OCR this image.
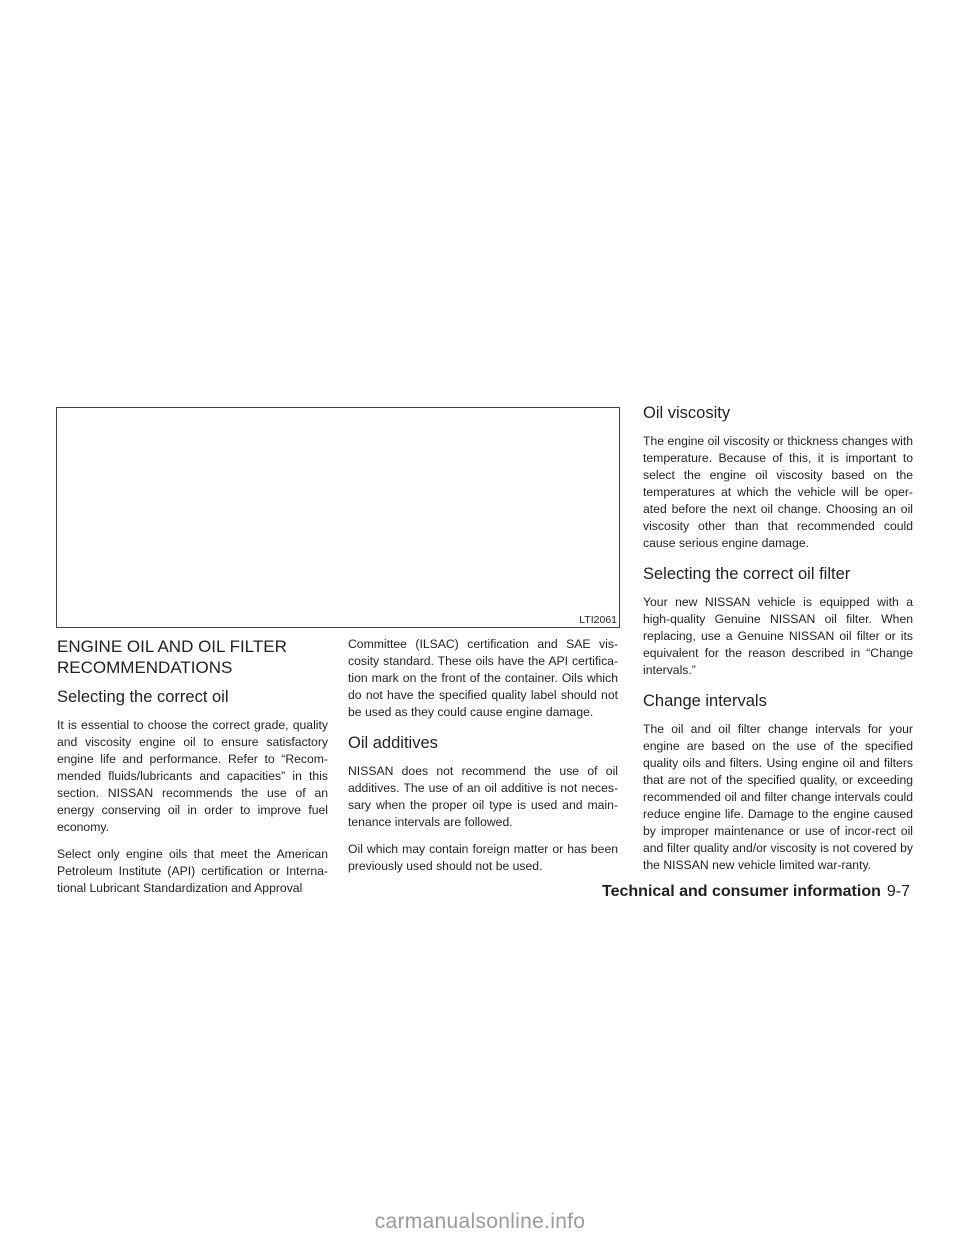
LTI2061
ENGINE OIL AND OIL FILTER RECOMMENDATIONS
Selecting the correct oil

It is essential to choose the correct grade, quality and viscosity engine oil to ensure satisfactory engine life and performance. Refer to “Recom-mended fluids/lubricants and capacities” in this section. NISSAN recommends the use of an energy conserving oil in order to improve fuel economy.

Select only engine oils that meet the American Petroleum Institute (API) certification or Interna-tional Lubricant Standardization and Approval

Committee (ILSAC) certification and SAE vis-cosity standard. These oils have the API certifica-tion mark on the front of the container. Oils which do not have the specified quality label should not be used as they could cause engine damage.

Oil additives

NISSAN does not recommend the use of oil additives. The use of an oil additive is not neces-sary when the proper oil type is used and main-tenance intervals are followed.

Oil which may contain foreign matter or has been previously used should not be used.

Oil viscosity

The engine oil viscosity or thickness changes with temperature. Because of this, it is important to select the engine oil viscosity based on the temperatures at which the vehicle will be oper-ated before the next oil change. Choosing an oil viscosity other than that recommended could cause serious engine damage.

Selecting the correct oil filter

Your new NISSAN vehicle is equipped with a high-quality Genuine NISSAN oil filter. When replacing, use a Genuine NISSAN oil filter or its equivalent for the reason described in “Change intervals.”

Change intervals

The oil and oil filter change intervals for your engine are based on the use of the specified quality oils and filters. Using engine oil and filters that are not of the specified quality, or exceeding recommended oil and filter change intervals could reduce engine life. Damage to the engine caused by improper maintenance or use of incor-rect oil and filter quality and/or viscosity is not covered by the NISSAN new vehicle limited war-ranty.

Technical and consumer information 9-7
carmanualsonline.info
